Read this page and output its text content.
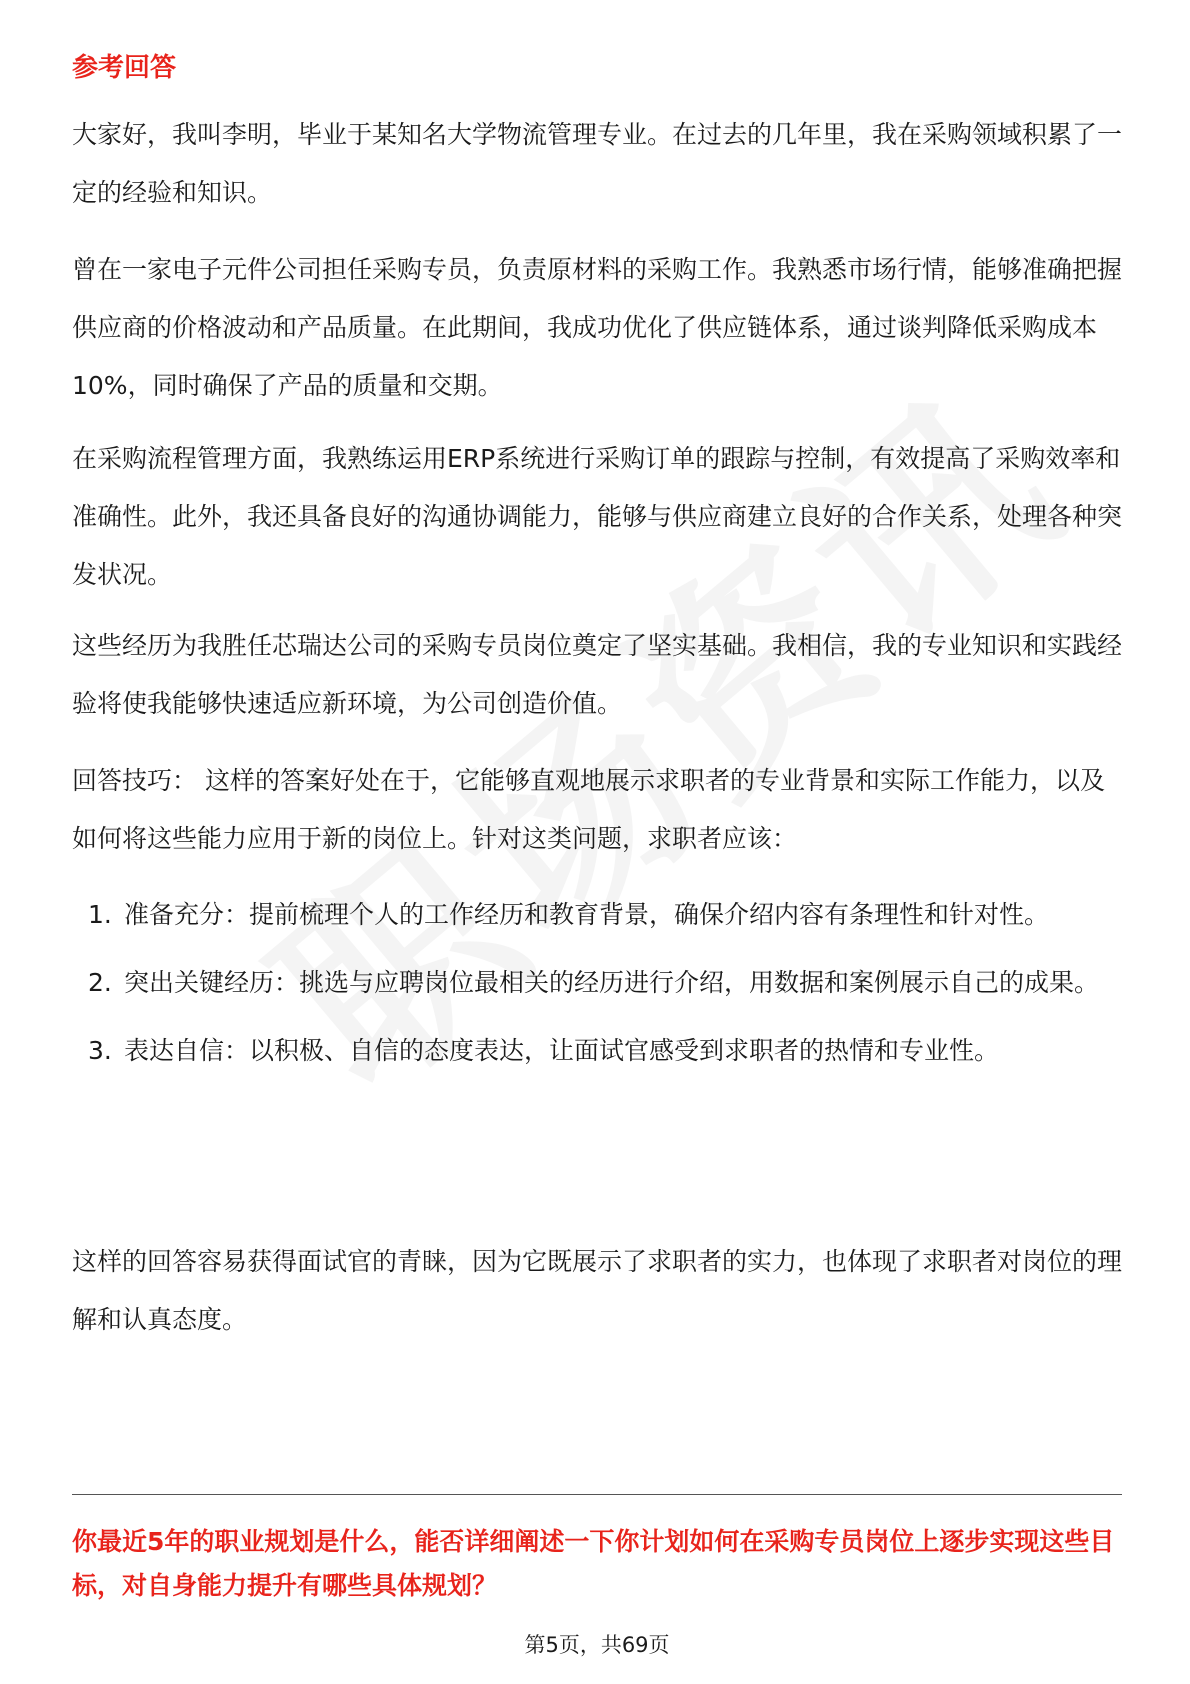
参考回答

大家好，我叫李明，毕业于某知名大学物流管理专业。在过去的几年里，我在采购领域积累了一定的经验和知识。

曾在一家电子元件公司担任采购专员，负责原材料的采购工作。我熟悉市场行情，能够准确把握供应商的价格波动和产品质量。在此期间，我成功优化了供应链体系，通过谈判降低采购成本10%，同时确保了产品的质量和交期。

在采购流程管理方面，我熟练运用ERP系统进行采购订单的跟踪与控制，有效提高了采购效率和准确性。此外，我还具备良好的沟通协调能力，能够与供应商建立良好的合作关系，处理各种突发状况。

这些经历为我胜任芯瑞达公司的采购专员岗位奠定了坚实基础。我相信，我的专业知识和实践经验将使我能够快速适应新环境，为公司创造价值。

回答技巧： 这样的答案好处在于，它能够直观地展示求职者的专业背景和实际工作能力，以及如何将这些能力应用于新的岗位上。针对这类问题，求职者应该：

1. 准备充分：提前梳理个人的工作经历和教育背景，确保介绍内容有条理性和针对性。
2. 突出关键经历：挑选与应聘岗位最相关的经历进行介绍，用数据和案例展示自己的成果。
3. 表达自信：以积极、自信的态度表达，让面试官感受到求职者的热情和专业性。

这样的回答容易获得面试官的青睐，因为它既展示了求职者的实力，也体现了求职者对岗位的理解和认真态度。

你最近5年的职业规划是什么，能否详细阐述一下你计划如何在采购专员岗位上逐步实现这些目标，对自身能力提升有哪些具体规划？

第5页，共69页
